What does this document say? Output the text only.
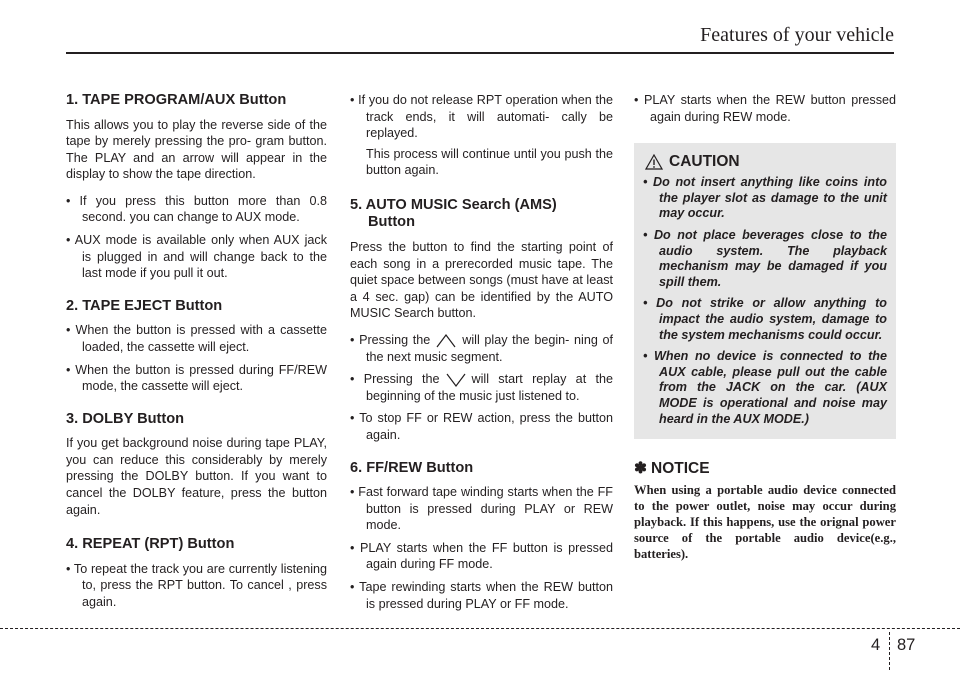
Features of your vehicle
1. TAPE PROGRAM/AUX Button

This allows you to play the reverse side of the tape by merely pressing the pro- gram button. The PLAY and an arrow will appear in the display to show the tape direction.

• If you press this button more than 0.8 second. you can change to AUX mode.
• AUX mode is available only when AUX jack is plugged in and will change back to the last mode if you pull it out.
2. TAPE EJECT Button
• When the button is pressed with a cassette loaded, the cassette will eject.
• When the button is pressed during FF/REW mode, the cassette will eject.
3. DOLBY Button

If you get background noise during tape PLAY, you can reduce this considerably by merely pressing the DOLBY button. If you want to cancel the DOLBY feature, press the button again.

4. REPEAT (RPT) Button
• To repeat the track you are currently listening to, press the RPT button. To cancel , press again.
• If you do not release RPT operation when the track ends, it will automati- cally be replayed.

This process will continue until you push the button again.

5. AUTO MUSIC Search (AMS)
Button

Press the button to find the starting point of each song in a prerecorded music tape. The quiet space between songs (must have at least a 4 sec. gap) can be identified by the AUTO MUSIC Search button.

• Pressing the	will play the begin- ning of the next music segment.
• Pressing the	will start replay at the beginning of the music just listened to.
• To stop FF or REW action, press the button again.
6. FF/REW Button
• Fast forward tape winding starts when the FF button is pressed during PLAY or REW mode.
• PLAY starts when the FF button is pressed again during FF mode.
• Tape rewinding starts when the REW button is pressed during PLAY or FF mode.
• PLAY starts when the REW button pressed again during REW mode.
CAUTION
• Do not insert anything like coins into the player slot as damage to the unit may occur.
• Do not place beverages close to the audio system. The playback mechanism may be damaged if you spill them.
• Do not strike or allow anything to impact the audio system, damage to the system mechanisms could occur.
• When no device is connected to the AUX cable, please pull out the cable from the JACK on the car. (AUX MODE is operational and noise may heard in the AUX MODE.)
✽ NOTICE
When using a portable audio device connected to the power outlet, noise may occur during playback. If this happens, use the orignal power source of the portable audio device(e.g., batteries).
4 87
